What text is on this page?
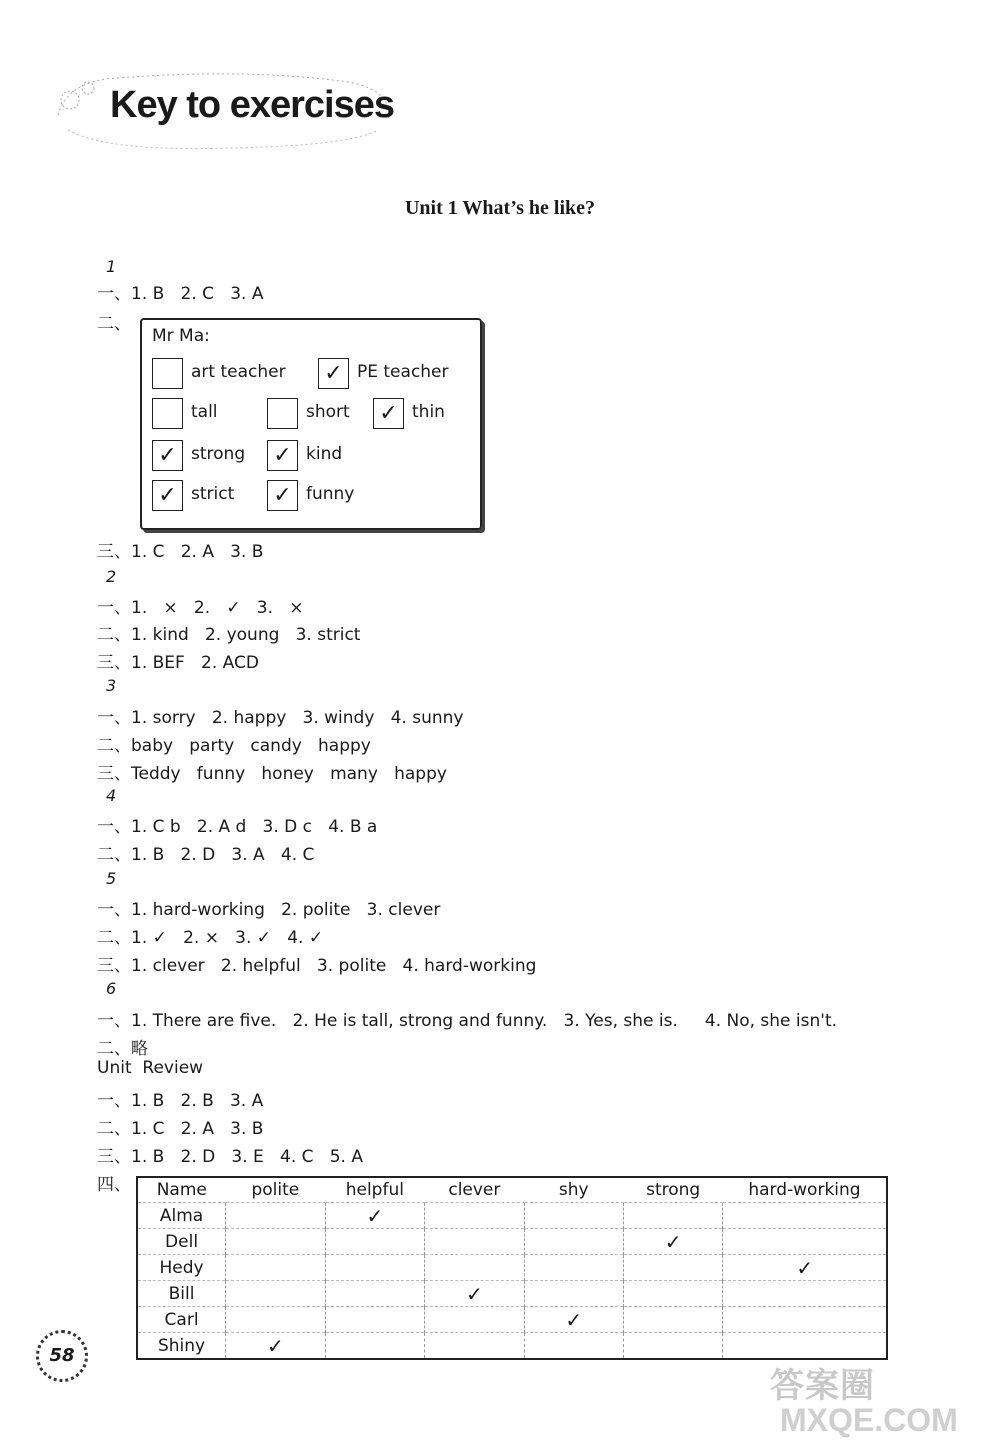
Key to exercises
Unit 1 What’s he like?
1
一、1. B   2. C   3. A
二、
三、1. C   2. A   3. B
2
一、1.   ×   2.   ✓   3.   ×
二、1. kind   2. young   3. strict
三、1. BEF   2. ACD
3
一、1. sorry   2. happy   3. windy   4. sunny
二、baby   party   candy   happy
三、Teddy   funny   honey   many   happy
4
一、1. C b   2. A d   3. D c   4. B a
二、1. B   2. D   3. A   4. C
5
一、1. hard-working   2. polite   3. clever
二、1. ✓   2. ×   3. ✓   4. ✓
三、1. clever   2. helpful   3. polite   4. hard-working
6
一、1. There are five.   2. He is tall, strong and funny.   3. Yes, she is.     4. No, she isn't.
二、略
Unit  Review
一、1. B   2. B   3. A
二、1. C   2. A   3. B
三、1. B   2. D   3. E   4. C   5. A
四、
Mr Ma:
art teacher ✓ PE teacher
tall	short ✓ thin
✓ strong ✓ kind
✓ strict ✓ funny
Name	polite	helpful	clever	shy	strong	hard-working
Alma		✓				
Dell					✓	
Hedy						✓
Bill			✓			
Carl				✓		
Shiny	✓					
58
答案圈
MXQE.COM
